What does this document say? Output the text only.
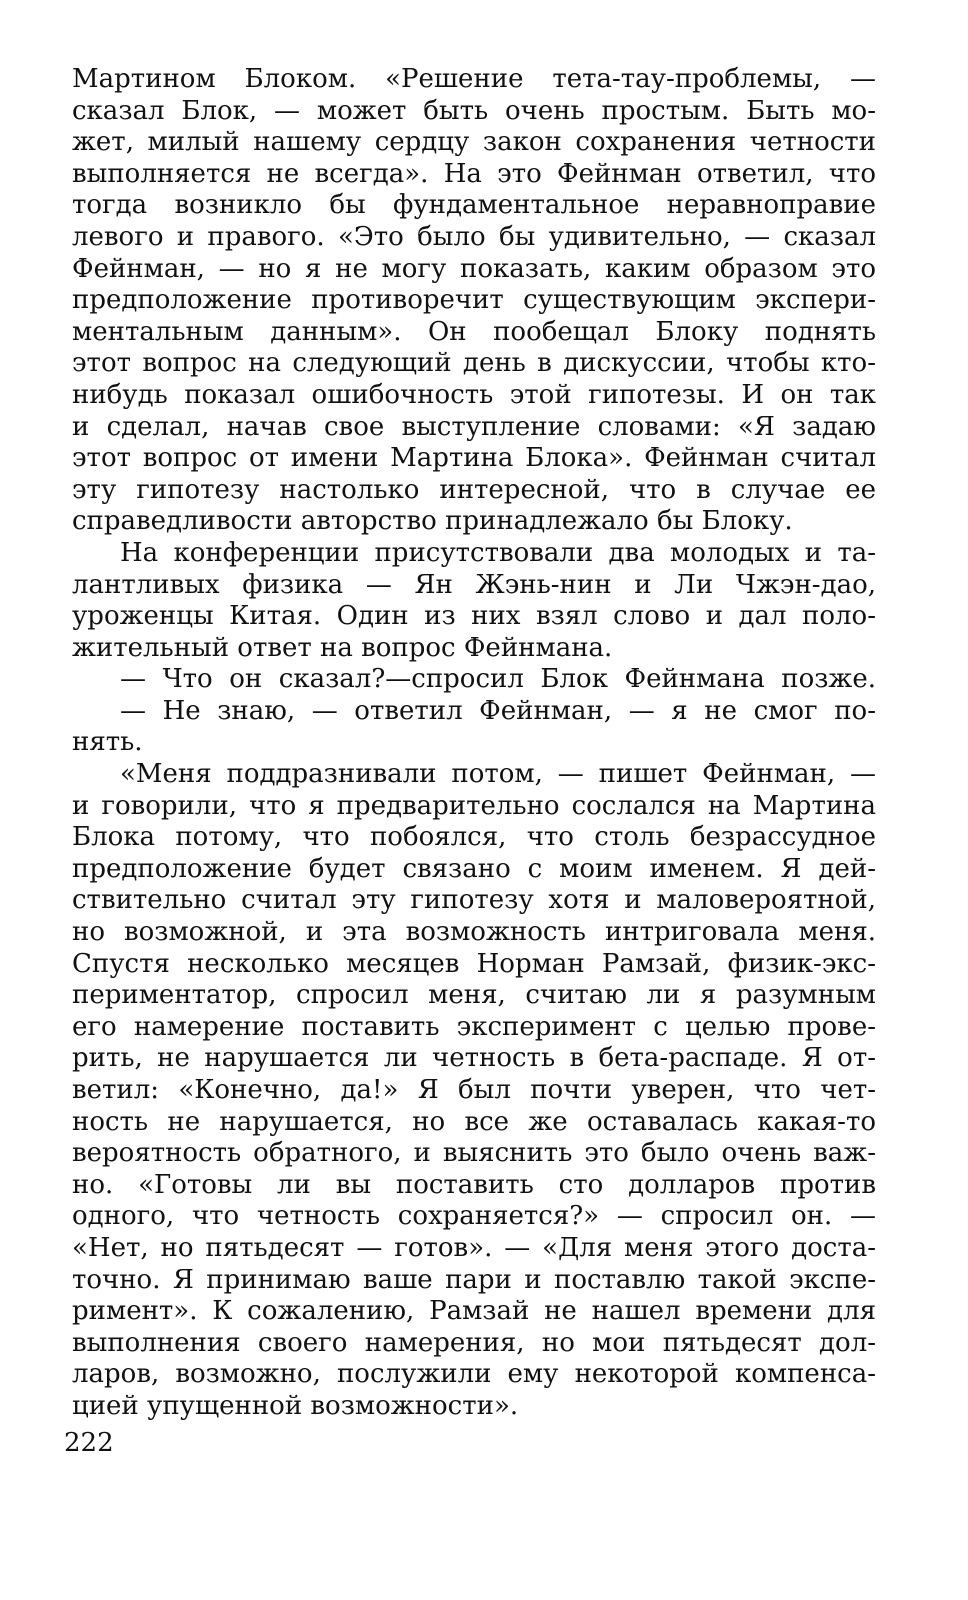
Мартином Блоком. «Решение тета-тау-проблемы, —
сказал Блок, — может быть очень простым. Быть мо-
жет, милый нашему сердцу закон сохранения четности
выполняется не всегда». На это Фейнман ответил, что
тогда возникло бы фундаментальное неравноправие
левого и правого. «Это было бы удивительно, — сказал
Фейнман, — но я не могу показать, каким образом это
предположение противоречит существующим экспери-
ментальным данным». Он пообещал Блоку поднять
этот вопрос на следующий день в дискуссии, чтобы кто-
нибудь показал ошибочность этой гипотезы. И он так
и сделал, начав свое выступление словами: «Я задаю
этот вопрос от имени Мартина Блока». Фейнман считал
эту гипотезу настолько интересной, что в случае ее
справедливости авторство принадлежало бы Блоку.
На конференции присутствовали два молодых и та-
лантливых физика — Ян Жэнь-нин и Ли Чжэн-дао,
уроженцы Китая. Один из них взял слово и дал поло-
жительный ответ на вопрос Фейнмана.
— Что он сказал?—спросил Блок Фейнмана позже.
— Не знаю, — ответил Фейнман, — я не смог по-
нять.
«Меня поддразнивали потом, — пишет Фейнман, —
и говорили, что я предварительно сослался на Мартина
Блока потому, что побоялся, что столь безрассудное
предположение будет связано с моим именем. Я дей-
ствительно считал эту гипотезу хотя и маловероятной,
но возможной, и эта возможность интриговала меня.
Спустя несколько месяцев Норман Рамзай, физик-экс-
периментатор, спросил меня, считаю ли я разумным
его намерение поставить эксперимент с целью прове-
рить, не нарушается ли четность в бета-распаде. Я от-
ветил: «Конечно, да!» Я был почти уверен, что чет-
ность не нарушается, но все же оставалась какая-то
вероятность обратного, и выяснить это было очень важ-
но. «Готовы ли вы поставить сто долларов против
одного, что четность сохраняется?» — спросил он. —
«Нет, но пятьдесят — готов». — «Для меня этого доста-
точно. Я принимаю ваше пари и поставлю такой экспе-
римент». К сожалению, Рамзай не нашел времени для
выполнения своего намерения, но мои пятьдесят дол-
ларов, возможно, послужили ему некоторой компенса-
цией упущенной возможности».
222
